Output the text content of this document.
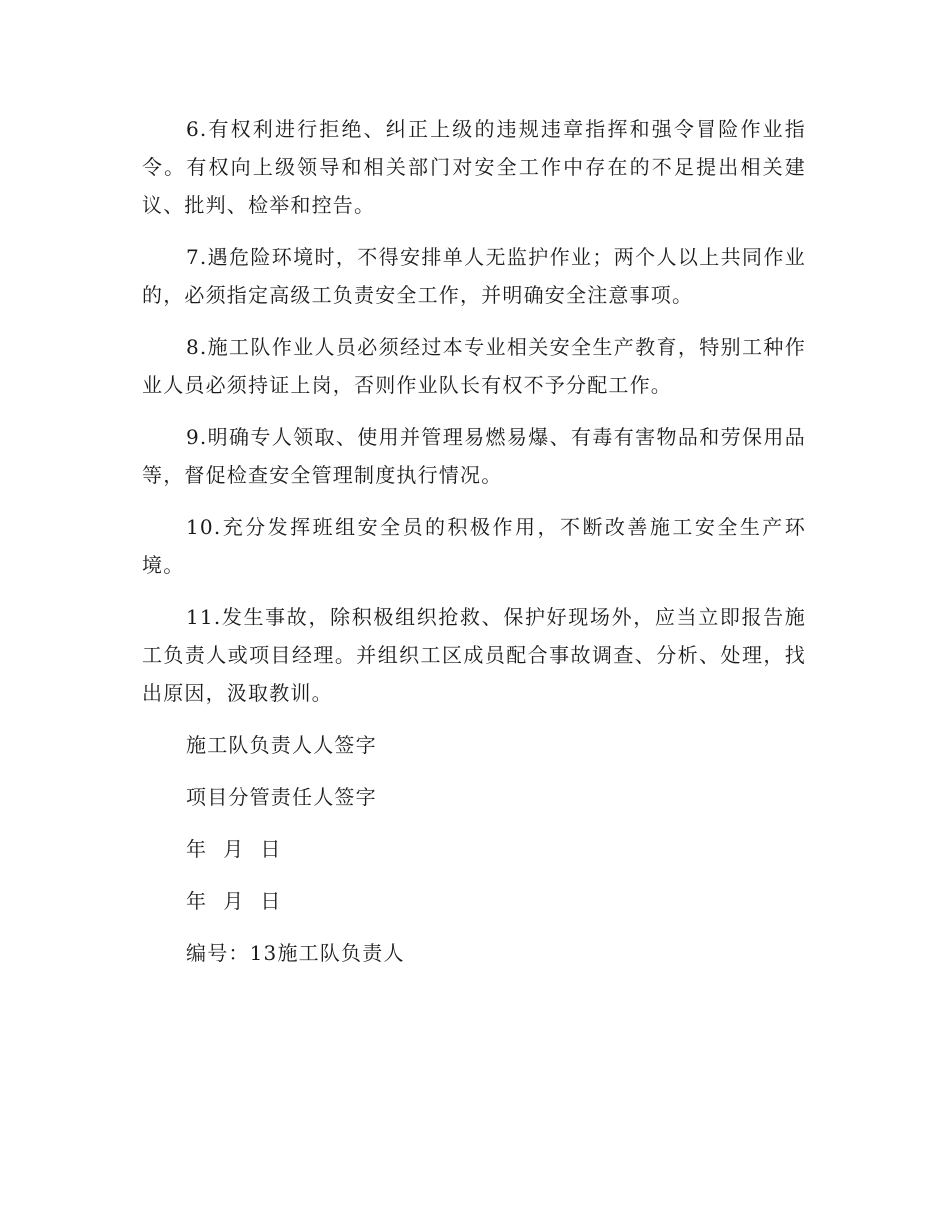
6.有权利进行拒绝、纠正上级的违规违章指挥和强令冒险作业指令。有权向上级领导和相关部门对安全工作中存在的不足提出相关建议、批判、检举和控告。

7.遇危险环境时，不得安排单人无监护作业；两个人以上共同作业的，必须指定高级工负责安全工作，并明确安全注意事项。

8.施工队作业人员必须经过本专业相关安全生产教育，特别工种作业人员必须持证上岗，否则作业队长有权不予分配工作。

9.明确专人领取、使用并管理易燃易爆、有毒有害物品和劳保用品等，督促检查安全管理制度执行情况。

10.充分发挥班组安全员的积极作用，不断改善施工安全生产环境。

11.发生事故，除积极组织抢救、保护好现场外，应当立即报告施工负责人或项目经理。并组织工区成员配合事故调查、分析、处理，找出原因，汲取教训。

施工队负责人人签字
项目分管责任人签字
年 月 日
年 月 日
编号：13施工队负责人
